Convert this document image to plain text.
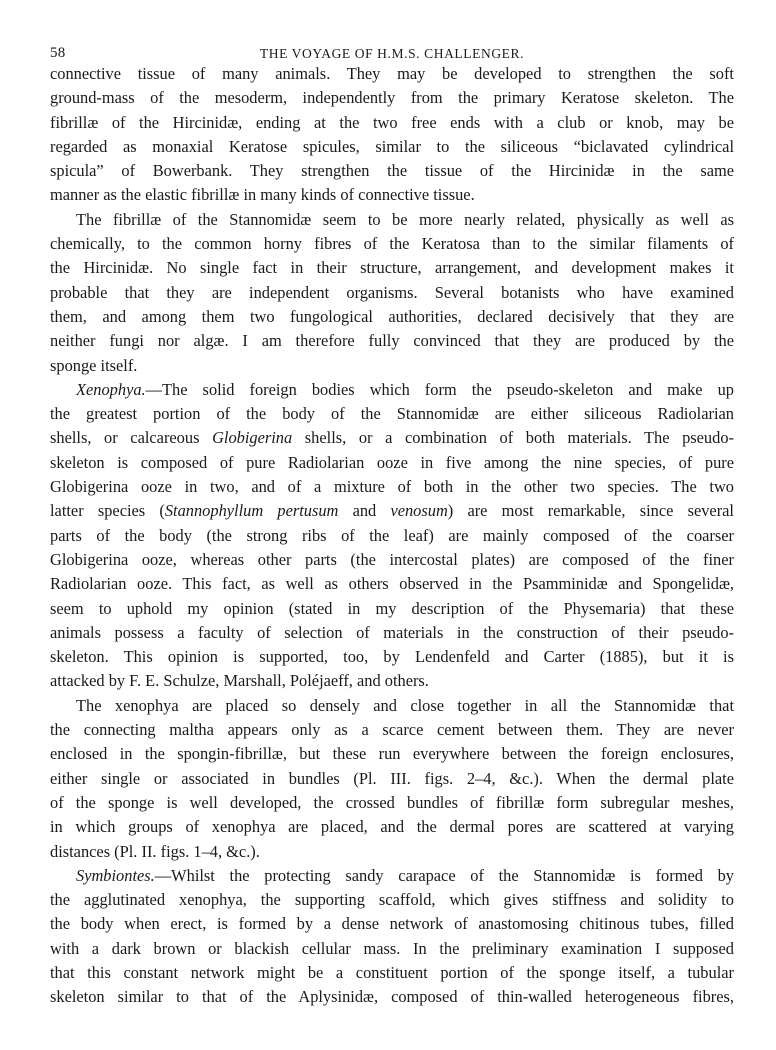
58	THE VOYAGE OF H.M.S. CHALLENGER.
connective tissue of many animals. They may be developed to strengthen the soft
ground-mass of the mesoderm, independently from the primary Keratose skeleton. The
fibrillæ of the Hircinidæ, ending at the two free ends with a club or knob, may be
regarded as monaxial Keratose spicules, similar to the siliceous “biclavated cylindrical
spicula” of Bowerbank. They strengthen the tissue of the Hircinidæ in the same
manner as the elastic fibrillæ in many kinds of connective tissue.
The fibrillæ of the Stannomidæ seem to be more nearly related, physically as well as
chemically, to the common horny fibres of the Keratosa than to the similar filaments of
the Hircinidæ. No single fact in their structure, arrangement, and development makes it
probable that they are independent organisms. Several botanists who have examined
them, and among them two fungological authorities, declared decisively that they are
neither fungi nor algæ. I am therefore fully convinced that they are produced by the
sponge itself.
Xenophya.—The solid foreign bodies which form the pseudo-skeleton and make up
the greatest portion of the body of the Stannomidæ are either siliceous Radiolarian
shells, or calcareous Globigerina shells, or a combination of both materials. The pseudo-
skeleton is composed of pure Radiolarian ooze in five among the nine species, of pure
Globigerina ooze in two, and of a mixture of both in the other two species. The two
latter species (Stannophyllum pertusum and venosum) are most remarkable, since several
parts of the body (the strong ribs of the leaf) are mainly composed of the coarser
Globigerina ooze, whereas other parts (the intercostal plates) are composed of the finer
Radiolarian ooze. This fact, as well as others observed in the Psamminidæ and Spongelidæ,
seem to uphold my opinion (stated in my description of the Physemaria) that these
animals possess a faculty of selection of materials in the construction of their pseudo-
skeleton. This opinion is supported, too, by Lendenfeld and Carter (1885), but it is
attacked by F. E. Schulze, Marshall, Poléjaeff, and others.
The xenophya are placed so densely and close together in all the Stannomidæ that
the connecting maltha appears only as a scarce cement between them. They are never
enclosed in the spongin-fibrillæ, but these run everywhere between the foreign enclosures,
either single or associated in bundles (Pl. III. figs. 2–4, &c.). When the dermal plate
of the sponge is well developed, the crossed bundles of fibrillæ form subregular meshes,
in which groups of xenophya are placed, and the dermal pores are scattered at varying
distances (Pl. II. figs. 1–4, &c.).
Symbiontes.—Whilst the protecting sandy carapace of the Stannomidæ is formed by
the agglutinated xenophya, the supporting scaffold, which gives stiffness and solidity to
the body when erect, is formed by a dense network of anastomosing chitinous tubes, filled
with a dark brown or blackish cellular mass. In the preliminary examination I supposed
that this constant network might be a constituent portion of the sponge itself, a tubular
skeleton similar to that of the Aplysinidæ, composed of thin-walled heterogeneous fibres,
